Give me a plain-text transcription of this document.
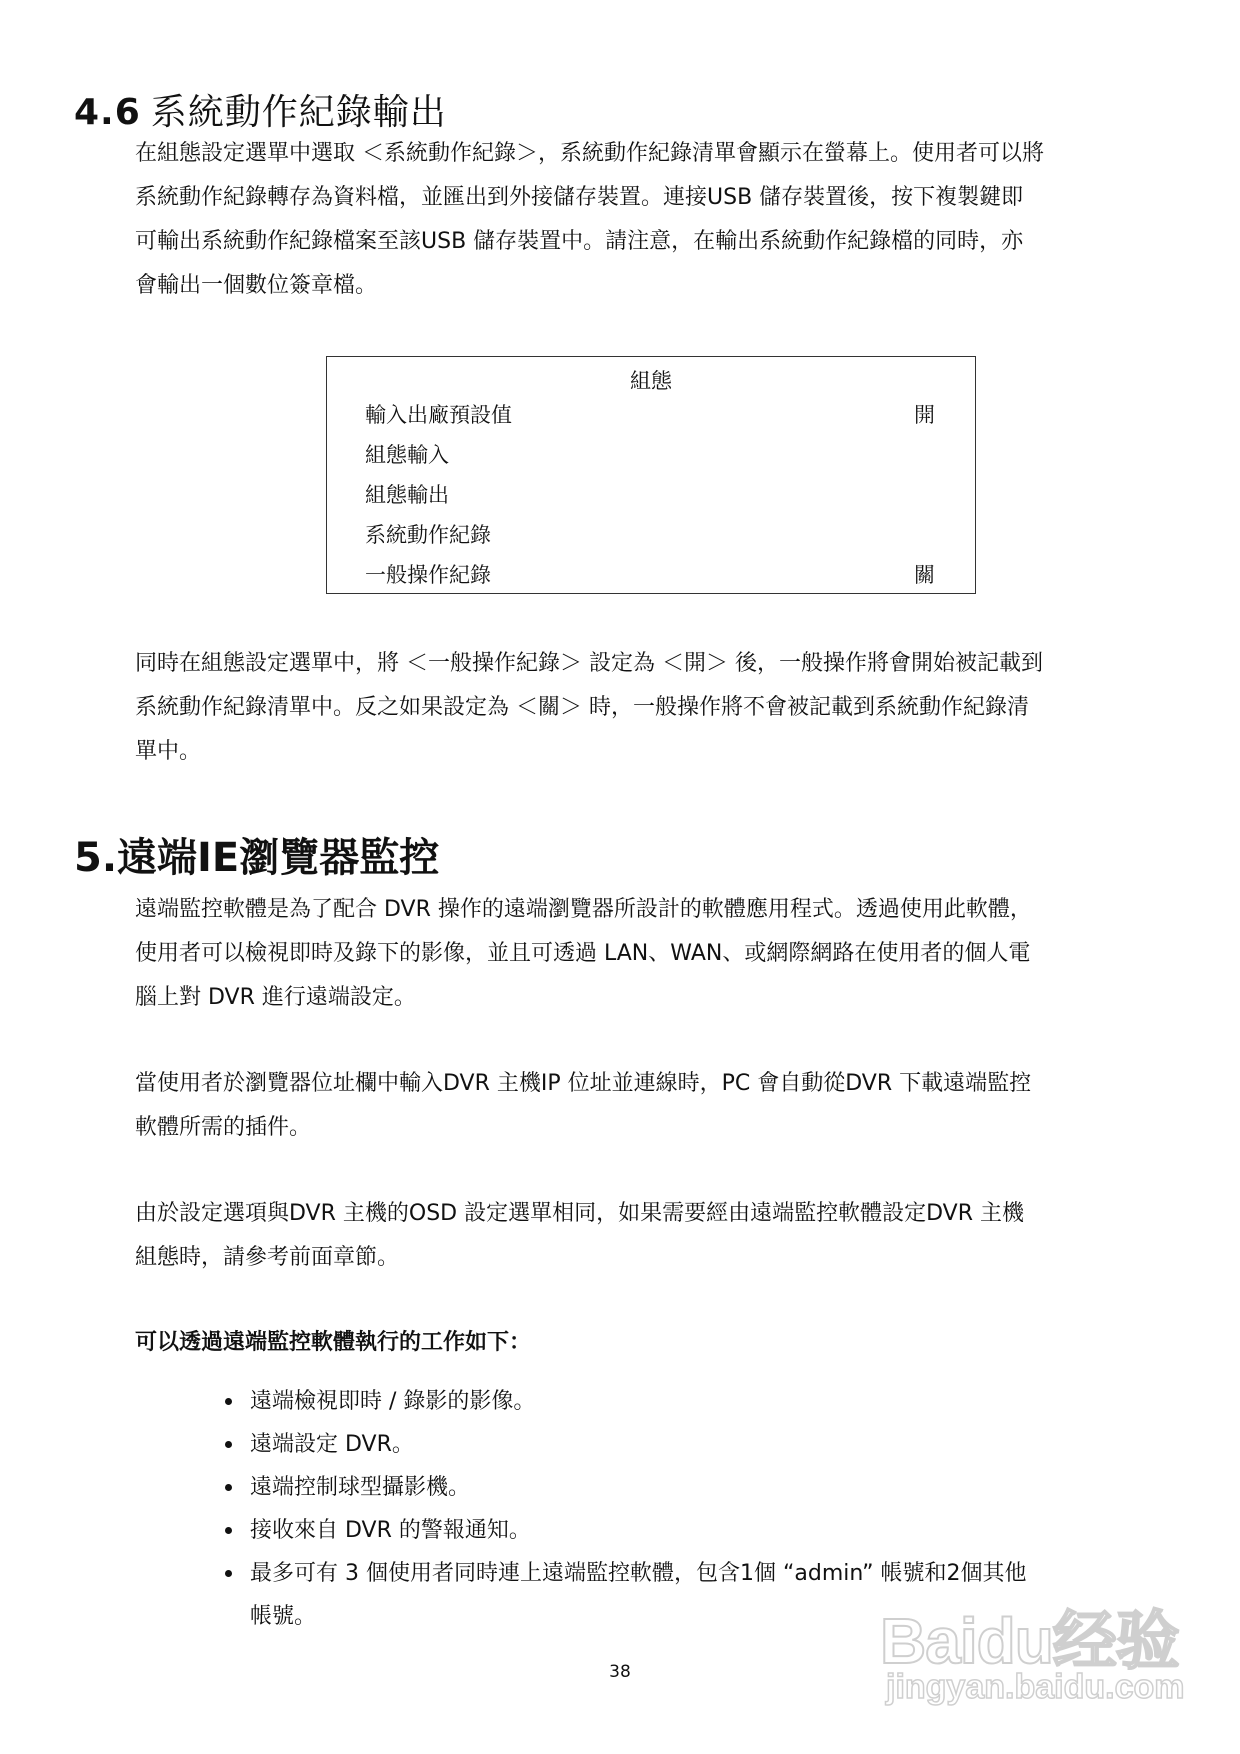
4.6 系統動作紀錄輸出

在組態設定選單中選取 ＜系統動作紀錄＞，系統動作紀錄清單會顯示在螢幕上。使用者可以將
系統動作紀錄轉存為資料檔，並匯出到外接儲存裝置。連接USB 儲存裝置後，按下複製鍵即
可輸出系統動作紀錄檔案至該USB 儲存裝置中。請注意，在輸出系統動作紀錄檔的同時，亦
會輸出一個數位簽章檔。

組態
輸入出廠預設值	開
組態輸入
組態輸出
系統動作紀錄
一般操作紀錄	關

同時在組態設定選單中，將 ＜一般操作紀錄＞ 設定為 ＜開＞ 後，一般操作將會開始被記載到
系統動作紀錄清單中。反之如果設定為 ＜關＞ 時，一般操作將不會被記載到系統動作紀錄清
單中。

5.遠端IE瀏覽器監控

遠端監控軟體是為了配合 DVR 操作的遠端瀏覽器所設計的軟體應用程式。透過使用此軟體，
使用者可以檢視即時及錄下的影像，並且可透過 LAN、WAN、或網際網路在使用者的個人電
腦上對 DVR 進行遠端設定。

當使用者於瀏覽器位址欄中輸入DVR 主機IP 位址並連線時，PC 會自動從DVR 下載遠端監控
軟體所需的插件。

由於設定選項與DVR 主機的OSD 設定選單相同，如果需要經由遠端監控軟體設定DVR 主機
組態時，請參考前面章節。

可以透過遠端監控軟體執行的工作如下：

遠端檢視即時 / 錄影的影像。
遠端設定 DVR。
遠端控制球型攝影機。
接收來自 DVR 的警報通知。
最多可有 3 個使用者同時連上遠端監控軟體，包含1個 “admin” 帳號和2個其他
帳號。
38	Baidu经验
jingyan.baidu.com
